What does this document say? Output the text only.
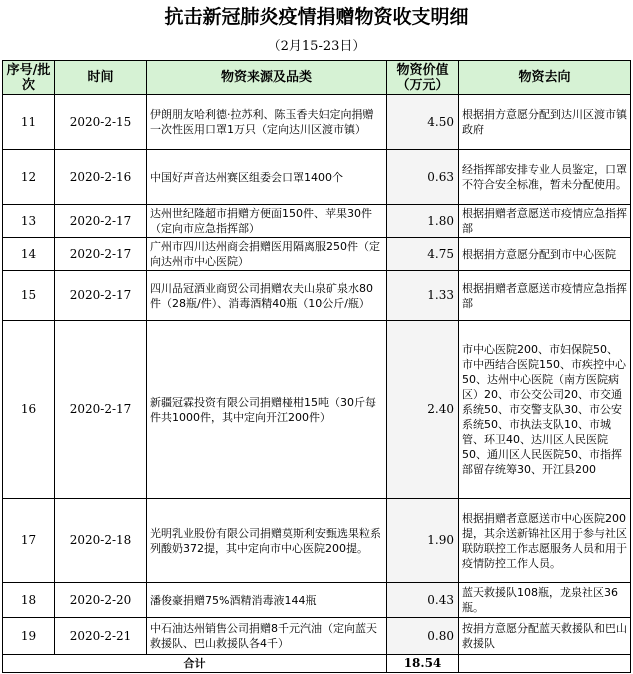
抗击新冠肺炎疫情捐赠物资收支明细
（2月15-23日）
序号/批次	时间	物资来源及品类	物资价值（万元）	物资去向
11	2020-2-15	伊朗朋友哈利德·拉苏利、陈玉香夫妇定向捐赠一次性医用口罩1万只（定向达川区渡市镇）	4.50	根据捐方意愿分配到达川区渡市镇政府
12	2020-2-16	中国好声音达州赛区组委会口罩1400个	0.63	经指挥部安排专业人员鉴定，口罩不符合安全标准，暂未分配使用。
13	2020-2-17	达州世纪隆超市捐赠方便面150件、苹果30件（定向市应急指挥部）	1.80	根据捐赠者意愿送市疫情应急指挥部
14	2020-2-17	广州市四川达州商会捐赠医用隔离服250件（定向达州市中心医院）	4.75	根据捐方意愿分配到市中心医院
15	2020-2-17	四川品冠酒业商贸公司捐赠农夫山泉矿泉水80件（28瓶/件）、消毒酒精40瓶（10公斤/瓶）	1.33	根据捐赠者意愿送市疫情应急指挥部
16	2020-2-17	新疆冠霖投资有限公司捐赠椪柑15吨（30斤每件共1000件，其中定向开江200件）	2.40	市中心医院200、市妇保院50、市中西结合医院150、市疾控中心50、达州中心医院（南方医院病区）20、市公交公司20、市交通系统50、市交警支队30、市公安系统50、市执法支队10、市城管、环卫40、达川区人民医院50、通川区人民医院50、市指挥部留存统筹30、开江县200
17	2020-2-18	光明乳业股份有限公司捐赠莫斯利安甄选果粒系列酸奶372提，其中定向市中心医院200提。	1.90	根据捐赠者意愿送市中心医院200提，其余送新锦社区用于参与社区联防联控工作志愿服务人员和用于疫情防控工作人员。
18	2020-2-20	潘俊豪捐赠75%酒精消毒液144瓶	0.43	蓝天救援队108瓶，龙泉社区36瓶。
19	2020-2-21	中石油达州销售公司捐赠8千元汽油（定向蓝天救援队、巴山救援队各4千）	0.80	按捐方意愿分配蓝天救援队和巴山救援队
合计			18.54	
